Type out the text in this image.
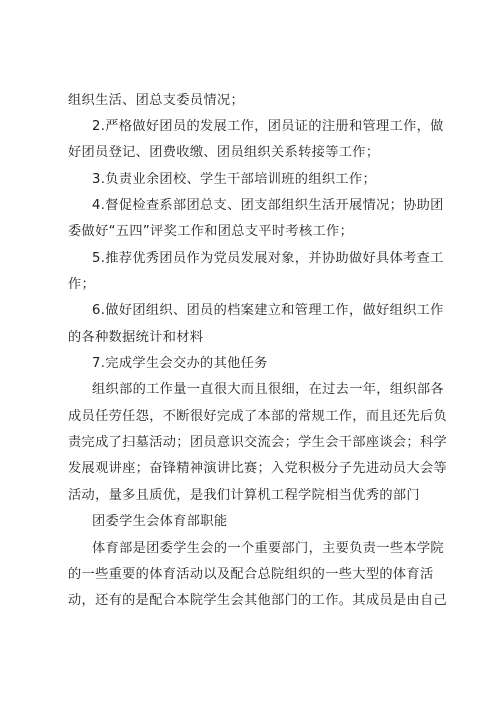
组织生活、团总支委员情况；
2.严格做好团员的发展工作，团员证的注册和管理工作，做
好团员登记、团费收缴、团员组织关系转接等工作；
3.负责业余团校、学生干部培训班的组织工作；
4.督促检查系部团总支、团支部组织生活开展情况；协助团
委做好“五四”评奖工作和团总支平时考核工作；
5.推荐优秀团员作为党员发展对象，并协助做好具体考查工
作；
6.做好团组织、团员的档案建立和管理工作，做好组织工作
的各种数据统计和材料
7.完成学生会交办的其他任务
组织部的工作量一直很大而且很细，在过去一年，组织部各
成员任劳任怨，不断很好完成了本部的常规工作，而且还先后负
责完成了扫墓活动；团员意识交流会；学生会干部座谈会；科学
发展观讲座；奋锋精神演讲比赛；入党积极分子先进动员大会等
活动，量多且质优，是我们计算机工程学院相当优秀的部门
团委学生会体育部职能
体育部是团委学生会的一个重要部门，主要负责一些本学院
的一些重要的体育活动以及配合总院组织的一些大型的体育活
动，还有的是配合本院学生会其他部门的工作。其成员是由自己
